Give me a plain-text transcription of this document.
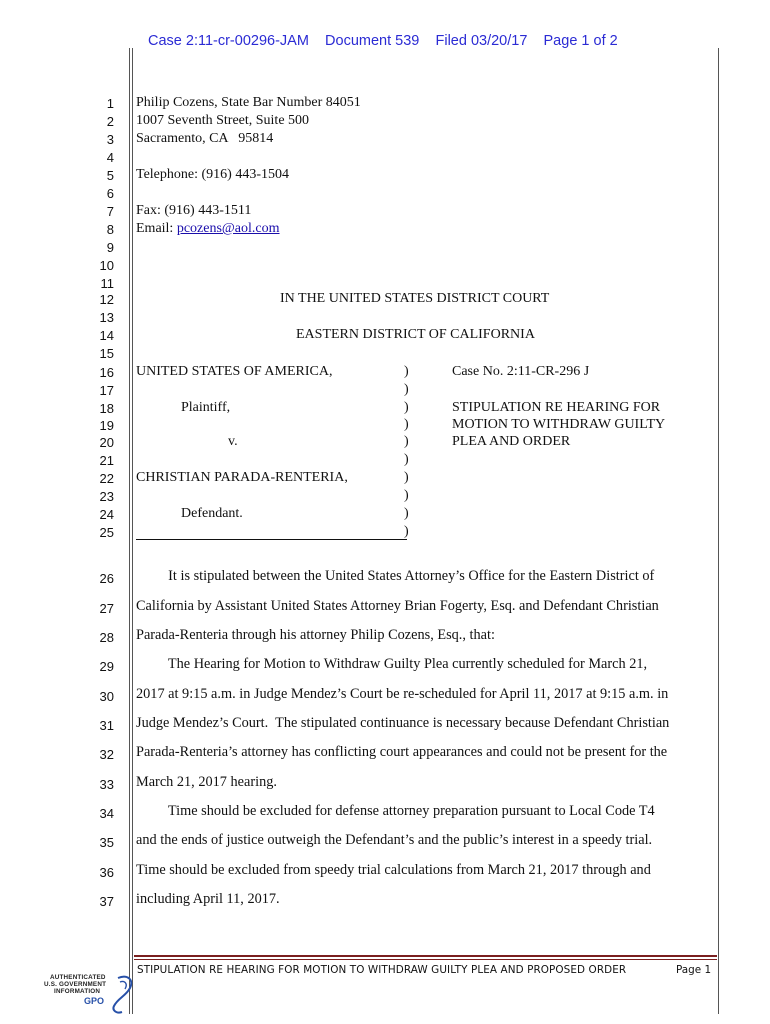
Case 2:11-cr-00296-JAM Document 539 Filed 03/20/17 Page 1 of 2
1
2
3
4
5
6
7
8
9
10
11
12
13
14
15
16
17
18
19
20
21
22
23
24
25
26
27
28
29
30
31
32
33
34
35
36
37
Philip Cozens, State Bar Number 84051
1007 Seventh Street, Suite 500
Sacramento, CA   95814
Telephone: (916) 443-1504
Fax: (916) 443-1511
Email: pcozens@aol.com
IN THE UNITED STATES DISTRICT COURT
EASTERN DISTRICT OF CALIFORNIA
UNITED STATES OF AMERICA,
Plaintiff,
v.
CHRISTIAN PARADA-RENTERIA,
Defendant.
)
)
)
)
)
)
)
)
)
)
Case No. 2:11-CR-296 J
STIPULATION RE HEARING FOR
MOTION TO WITHDRAW GUILTY
PLEA AND ORDER
It is stipulated between the United States Attorney’s Office for the Eastern District of
California by Assistant United States Attorney Brian Fogerty, Esq. and Defendant Christian
Parada-Renteria through his attorney Philip Cozens, Esq., that:
The Hearing for Motion to Withdraw Guilty Plea currently scheduled for March 21,
2017 at 9:15 a.m. in Judge Mendez’s Court be re-scheduled for April 11, 2017 at 9:15 a.m. in
Judge Mendez’s Court.  The stipulated continuance is necessary because Defendant Christian
Parada-Renteria’s attorney has conflicting court appearances and could not be present for the
March 21, 2017 hearing.
Time should be excluded for defense attorney preparation pursuant to Local Code T4
and the ends of justice outweigh the Defendant’s and the public’s interest in a speedy trial.
Time should be excluded from speedy trial calculations from March 21, 2017 through and
including April 11, 2017.
STIPULATION RE HEARING FOR MOTION TO WITHDRAW GUILTY PLEA AND PROPOSED ORDER	Page 1
AUTHENTICATED
U.S. GOVERNMENT
INFORMATION
GPO
